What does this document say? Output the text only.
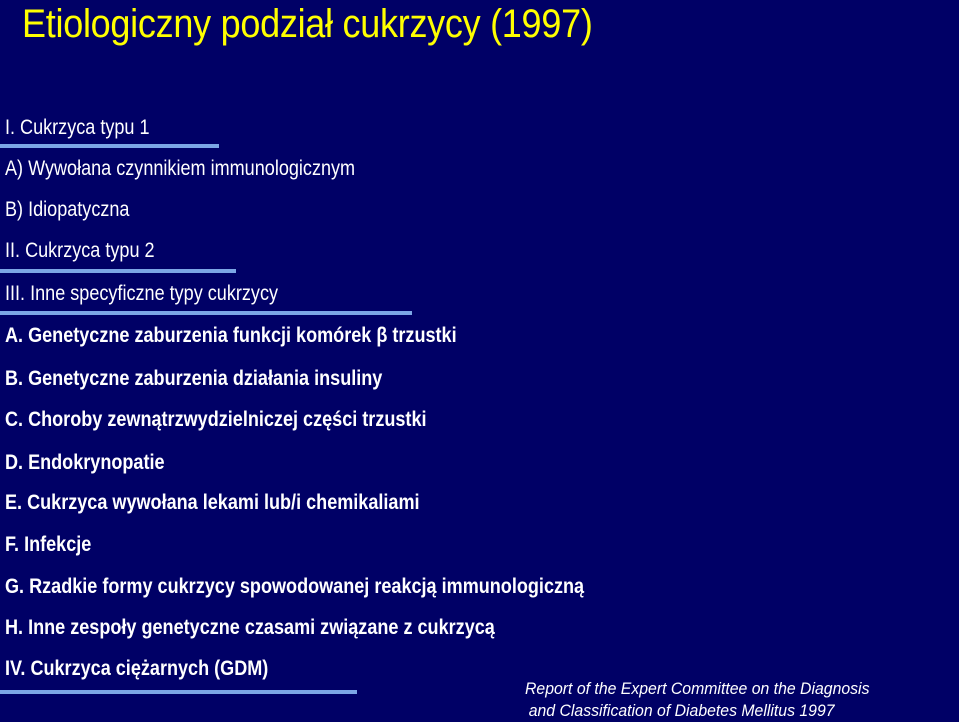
Etiologiczny podział cukrzycy (1997)
I. Cukrzyca typu 1
A) Wywołana czynnikiem immunologicznym
B) Idiopatyczna
II. Cukrzyca typu 2
III. Inne specyficzne typy cukrzycy
A. Genetyczne zaburzenia funkcji komórek β trzustki
B. Genetyczne zaburzenia działania insuliny
C. Choroby zewnątrzwydzielniczej części trzustki
D. Endokrynopatie
E. Cukrzyca wywołana lekami lub/i chemikaliami
F. Infekcje
G. Rzadkie formy cukrzycy spowodowanej reakcją immunologiczną
H. Inne zespoły genetyczne czasami związane z cukrzycą
IV. Cukrzyca ciężarnych (GDM)
Report of the Expert Committee on the Diagnosis
and Classification of Diabetes Mellitus 1997
